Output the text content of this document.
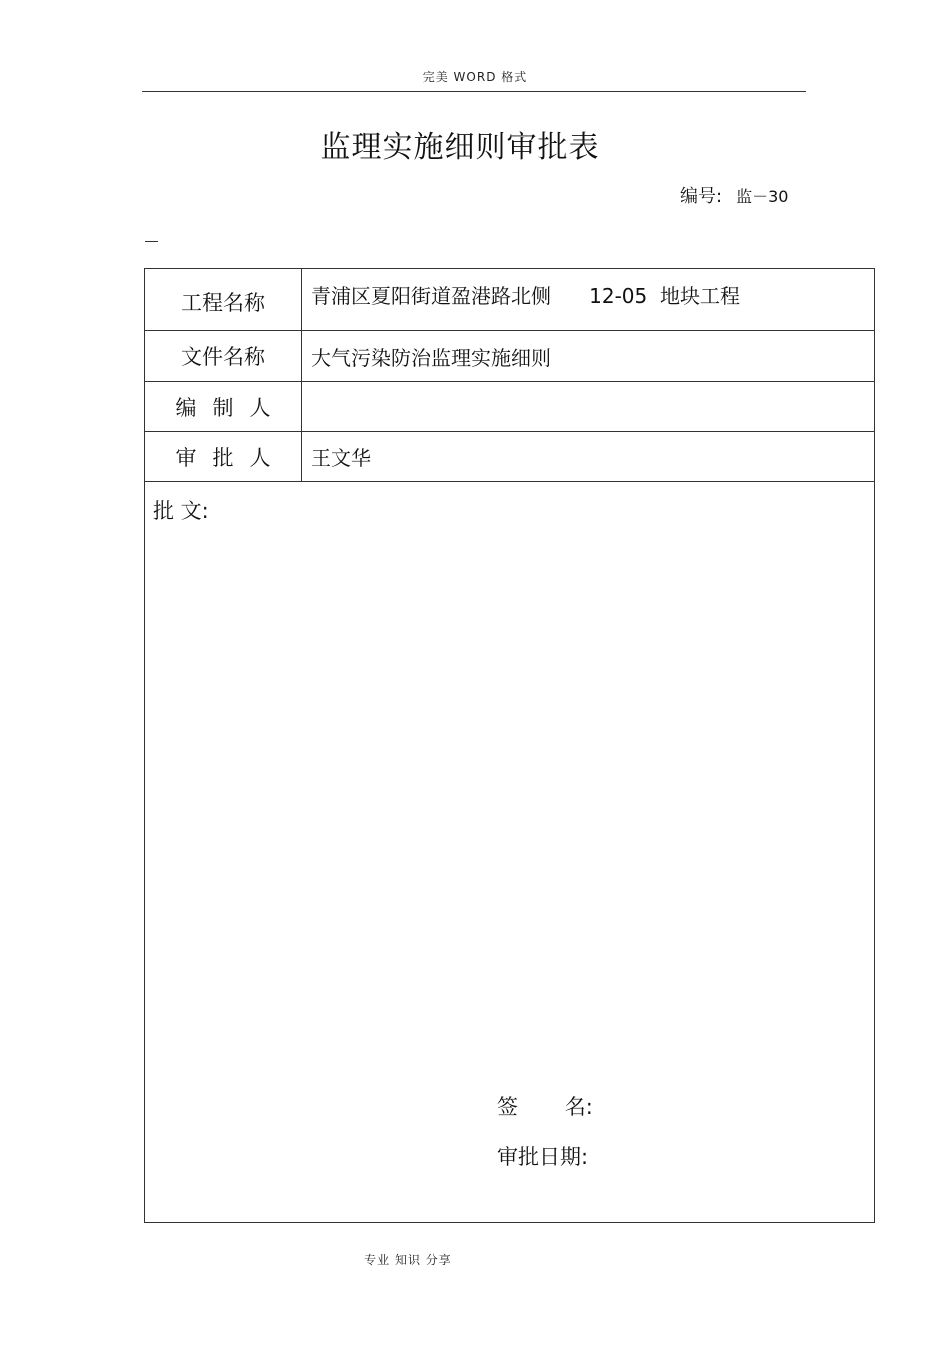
完美 WORD 格式
监理实施细则审批表
编号: 监－30
工程名称	青浦区夏阳街道盈港路北侧      12-05  地块工程
文件名称	大气污染防治监理实施细则
编制人
审批人	王文华
批 文:
签       名:
审批日期:
专业 知识 分享
